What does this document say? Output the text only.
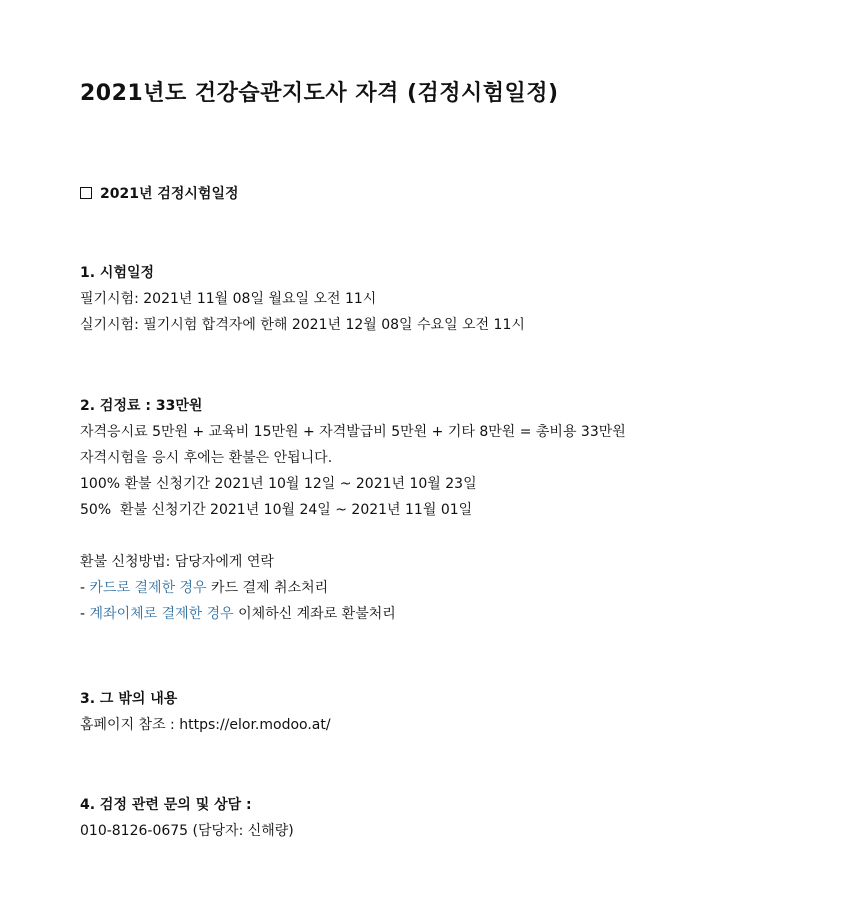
2021년도 건강습관지도사 자격 (검정시험일정)
2021년 검정시험일정
1. 시험일정
필기시험: 2021년 11월 08일 월요일 오전 11시
실기시험: 필기시험 합격자에 한해 2021년 12월 08일 수요일 오전 11시
2. 검정료 : 33만원
자격응시료 5만원 + 교육비 15만원 + 자격발급비 5만원 + 기타 8만원 = 총비용 33만원
자격시험을 응시 후에는 환불은 안됩니다.
100% 환불 신청기간 2021년 10월 12일 ~ 2021년 10월 23일
50%  환불 신청기간 2021년 10월 24일 ~ 2021년 11월 01일
환불 신청방법: 담당자에게 연락
- 카드로 결제한 경우 카드 결제 취소처리
- 계좌이체로 결제한 경우 이체하신 계좌로 환불처리
3. 그 밖의 내용
홈페이지 참조 : https://elor.modoo.at/
4. 검정 관련 문의 및 상담 :
010-8126-0675 (담당자: 신해량)
